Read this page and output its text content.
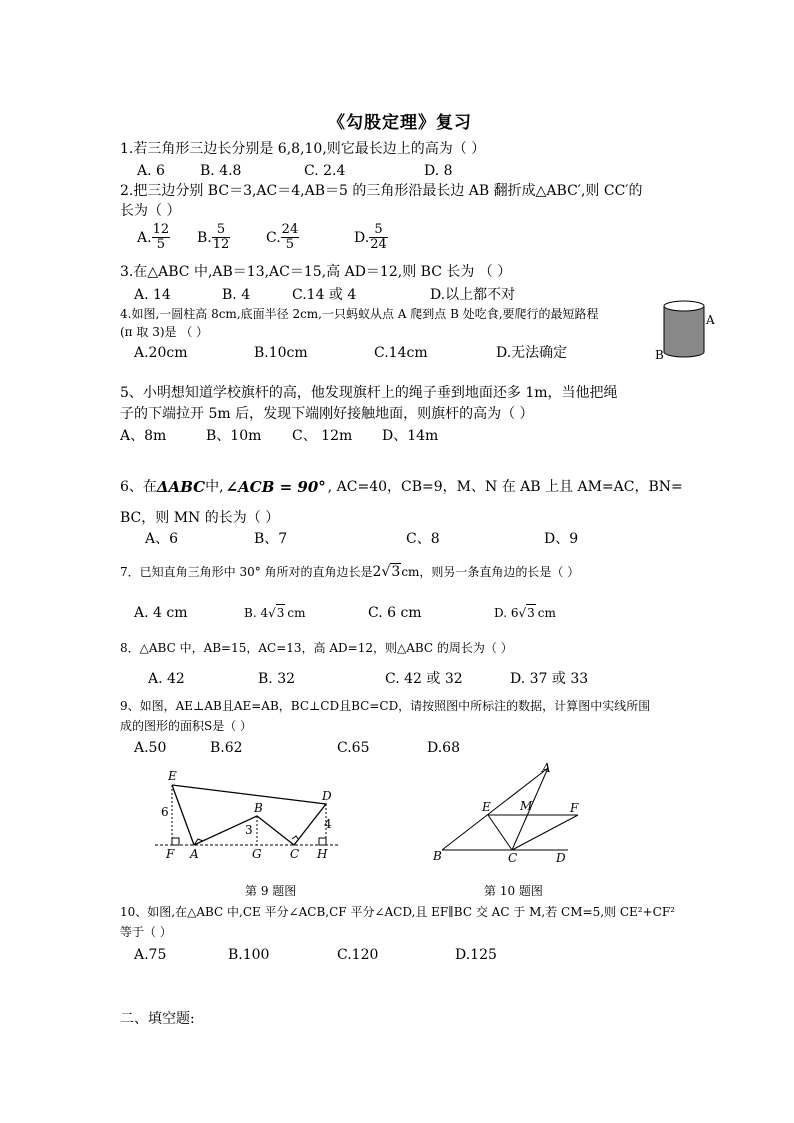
《勾股定理》复习
1.若三角形三边长分别是 6,8,10,则它最长边上的高为（ ）
A. 6	B. 4.8	C. 2.4	D. 8
2.把三边分别 BC＝3,AC＝4,AB＝5 的三角形沿最长边 AB 翻折成△ABC′,则 CC′的
长为（ ）
A. $\frac{12}{5} B$. $\frac{5}{12}$	C. $\frac{24}{5}$	D. $\frac{5}{24}$
3.在△ABC 中,AB＝13,AC＝15,高 AD＝12,则 BC 长为 （ ）
A. 14	B. 4	C.14 或 4	D.以上都不对
4.如图,一圆柱高 8cm,底面半径 2cm,一只蚂蚁从点 A 爬到点 B 处吃食,要爬行的最短路程
(π 取 3)是 （ ）
A.20cm	B.10cm	C.14cm	D.无法确定
A
B
5、小明想知道学校旗杆的高，他发现旗杆上的绳子垂到地面还多 1m，当他把绳
子的下端拉开 5m 后，发现下端刚好接触地面，则旗杆的高为（ ）
A、8m	B、10m C、 12m D、14m
6、在 ΔABC 中, ∠ACB = 90° , AC=40，CB=9，M、N 在 AB 上且 AM=AC，BN=
BC，则 MN 的长为（ ）
A、6	B、7	C、8	D、9
7．已知直角三角形中 30° 角所对的直角边长是 2 √ 3 cm，则另一条直角边的长是（ ）
A. 4 cm	B. 4 √ 3 cm	C. 6 cm	D. 6 √ 3 cm
8．△ABC 中，AB=15，AC=13，高 AD=12，则△ABC 的周长为（ ）
A. 42	B. 32	C. 42 或 32	D. 37 或 33
9、如图，AE⊥AB且AE=AB，BC⊥CD且BC=CD，请按照图中所标注的数据，计算图中实线所围
成的图形的面积S是（ ）
A.50	B.62	C.65	D.68
E
B
D
F A	G C H
6
3	4
第 9 题图
A
E M	F
B	C	D
第 10 题图
10、如图,在△ABC 中,CE 平分∠ACB,CF 平分∠ACD,且 EF∥BC 交 AC 于 M,若 CM=5,则 CE²+CF²
等于（ ）
A.75	B.100	C.120	D.125
二、填空题:
